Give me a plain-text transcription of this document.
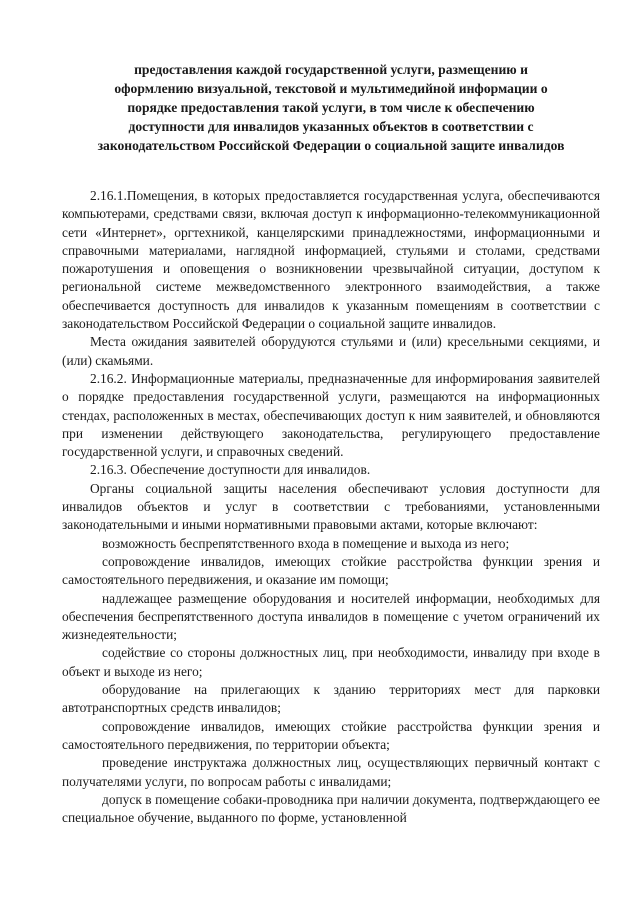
предоставления каждой государственной услуги, размещению и
оформлению визуальной, текстовой и мультимедийной информации о
порядке предоставления такой услуги, в том числе к обеспечению
доступности для инвалидов указанных объектов в соответствии с
законодательством Российской Федерации о социальной защите инвалидов

2.16.1.Помещения, в которых предоставляется государственная услуга, обеспечиваются компьютерами, средствами связи, включая доступ к информационно-телекоммуникационной сети «Интернет», оргтехникой, канцелярскими принадлежностями, информационными и справочными материалами, наглядной информацией, стульями и столами, средствами пожаротушения и оповещения о возникновении чрезвычайной ситуации, доступом к региональной системе межведомственного электронного взаимодействия, а также обеспечивается доступность для инвалидов к указанным помещениям в соответствии с законодательством Российской Федерации о социальной защите инвалидов.

Места ожидания заявителей оборудуются стульями и (или) кресельными секциями, и (или) скамьями.

2.16.2. Информационные материалы, предназначенные для информирования заявителей о порядке предоставления государственной услуги, размещаются на информационных стендах, расположенных в местах, обеспечивающих доступ к ним заявителей, и обновляются при изменении действующего законодательства, регулирующего предоставление государственной услуги, и справочных сведений.

2.16.3. Обеспечение доступности для инвалидов.

Органы социальной защиты населения обеспечивают условия доступности для инвалидов объектов и услуг в соответствии с требованиями, установленными законодательными и иными нормативными правовыми актами, которые включают:

возможность беспрепятственного входа в помещение и выхода из него;

сопровождение инвалидов, имеющих стойкие расстройства функции зрения и самостоятельного передвижения, и оказание им помощи;

надлежащее размещение оборудования и носителей информации, необходимых для обеспечения беспрепятственного доступа инвалидов в помещение с учетом ограничений их жизнедеятельности;

содействие со стороны должностных лиц, при необходимости, инвалиду при входе в объект и выходе из него;

оборудование на прилегающих к зданию территориях мест для парковки автотранспортных средств инвалидов;

сопровождение инвалидов, имеющих стойкие расстройства функции зрения и самостоятельного передвижения, по территории объекта;

проведение инструктажа должностных лиц, осуществляющих первичный контакт с получателями услуги, по вопросам работы с инвалидами;

допуск в помещение собаки-проводника при наличии документа, подтверждающего ее специальное обучение, выданного по форме, установленной
